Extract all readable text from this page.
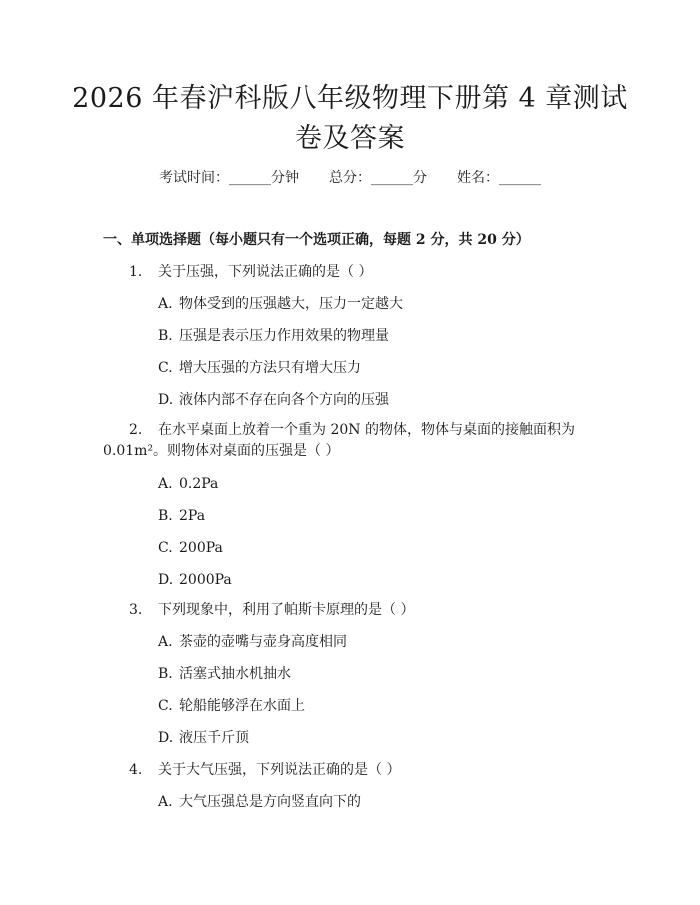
2026 年春沪科版八年级物理下册第 4 章测试
卷及答案
考试时间：______分钟 总分：______分 姓名：______
一、单项选择题（每小题只有一个选项正确，每题 2 分，共 20 分）
1. 关于压强，下列说法正确的是（ ）
A. 物体受到的压强越大，压力一定越大
B. 压强是表示压力作用效果的物理量
C. 增大压强的方法只有增大压力
D. 液体内部不存在向各个方向的压强
2. 在水平桌面上放着一个重为 20N 的物体，物体与桌面的接触面积为
0.01m²。则物体对桌面的压强是（ ）
A. 0.2Pa
B. 2Pa
C. 200Pa
D. 2000Pa
3. 下列现象中，利用了帕斯卡原理的是（ ）
A. 茶壶的壶嘴与壶身高度相同
B. 活塞式抽水机抽水
C. 轮船能够浮在水面上
D. 液压千斤顶
4. 关于大气压强，下列说法正确的是（ ）
A. 大气压强总是方向竖直向下的
